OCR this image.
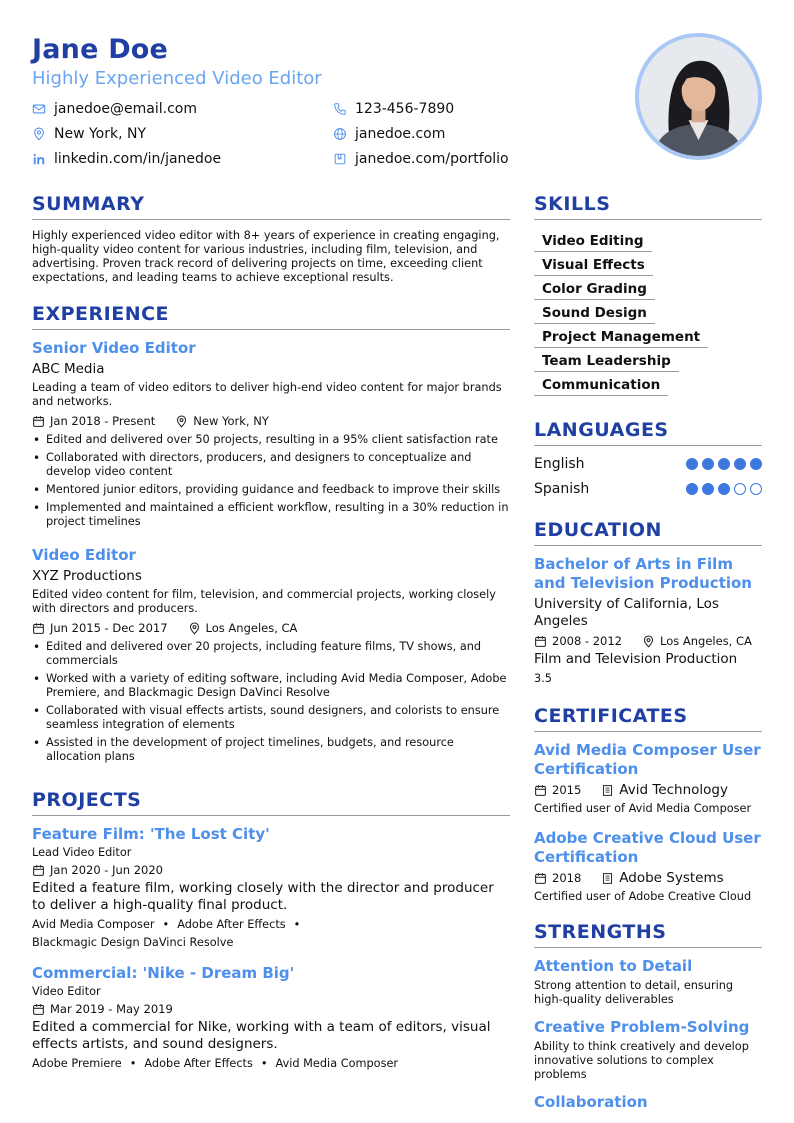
Jane Doe
Highly Experienced Video Editor
janedoe@email.com	123-456-7890
New York, NY	janedoe.com
linkedin.com/in/janedoe	janedoe.com/portfolio
SUMMARY
Highly experienced video editor with 8+ years of experience in creating engaging, high-quality video content for various industries, including film, television, and advertising. Proven track record of delivering projects on time, exceeding client expectations, and leading teams to achieve exceptional results.
EXPERIENCE
Senior Video Editor
ABC Media
Leading a team of video editors to deliver high-end video content for major brands and networks.
Jan 2018 - Present	New York, NY
• Edited and delivered over 50 projects, resulting in a 95% client satisfaction rate
• Collaborated with directors, producers, and designers to conceptualize and develop video content
• Mentored junior editors, providing guidance and feedback to improve their skills
• Implemented and maintained a efficient workflow, resulting in a 30% reduction in project timelines
Video Editor
XYZ Productions
Edited video content for film, television, and commercial projects, working closely with directors and producers.
Jun 2015 - Dec 2017	Los Angeles, CA
• Edited and delivered over 20 projects, including feature films, TV shows, and commercials
• Worked with a variety of editing software, including Avid Media Composer, Adobe Premiere, and Blackmagic Design DaVinci Resolve
• Collaborated with visual effects artists, sound designers, and colorists to ensure seamless integration of elements
• Assisted in the development of project timelines, budgets, and resource allocation plans
PROJECTS
Feature Film: 'The Lost City'
Lead Video Editor
Jan 2020 - Jun 2020
Edited a feature film, working closely with the director and producer to deliver a high-quality final product.
Avid Media Composer • Adobe After Effects •
Blackmagic Design DaVinci Resolve
Commercial: 'Nike - Dream Big'
Video Editor
Mar 2019 - May 2019
Edited a commercial for Nike, working with a team of editors, visual effects artists, and sound designers.
Adobe Premiere • Adobe After Effects • Avid Media Composer
SKILLS
Video Editing
Visual Effects
Color Grading
Sound Design
Project Management
Team Leadership
Communication
LANGUAGES
English
Spanish
EDUCATION
Bachelor of Arts in Film and Television Production
University of California, Los Angeles
2008 - 2012	Los Angeles, CA
Film and Television Production
3.5
CERTIFICATES
Avid Media Composer User Certification
2015	Avid Technology
Certified user of Avid Media Composer
Adobe Creative Cloud User Certification
2018	Adobe Systems
Certified user of Adobe Creative Cloud
STRENGTHS
Attention to Detail
Strong attention to detail, ensuring high-quality deliverables
Creative Problem-Solving
Ability to think creatively and develop innovative solutions to complex problems
Collaboration
